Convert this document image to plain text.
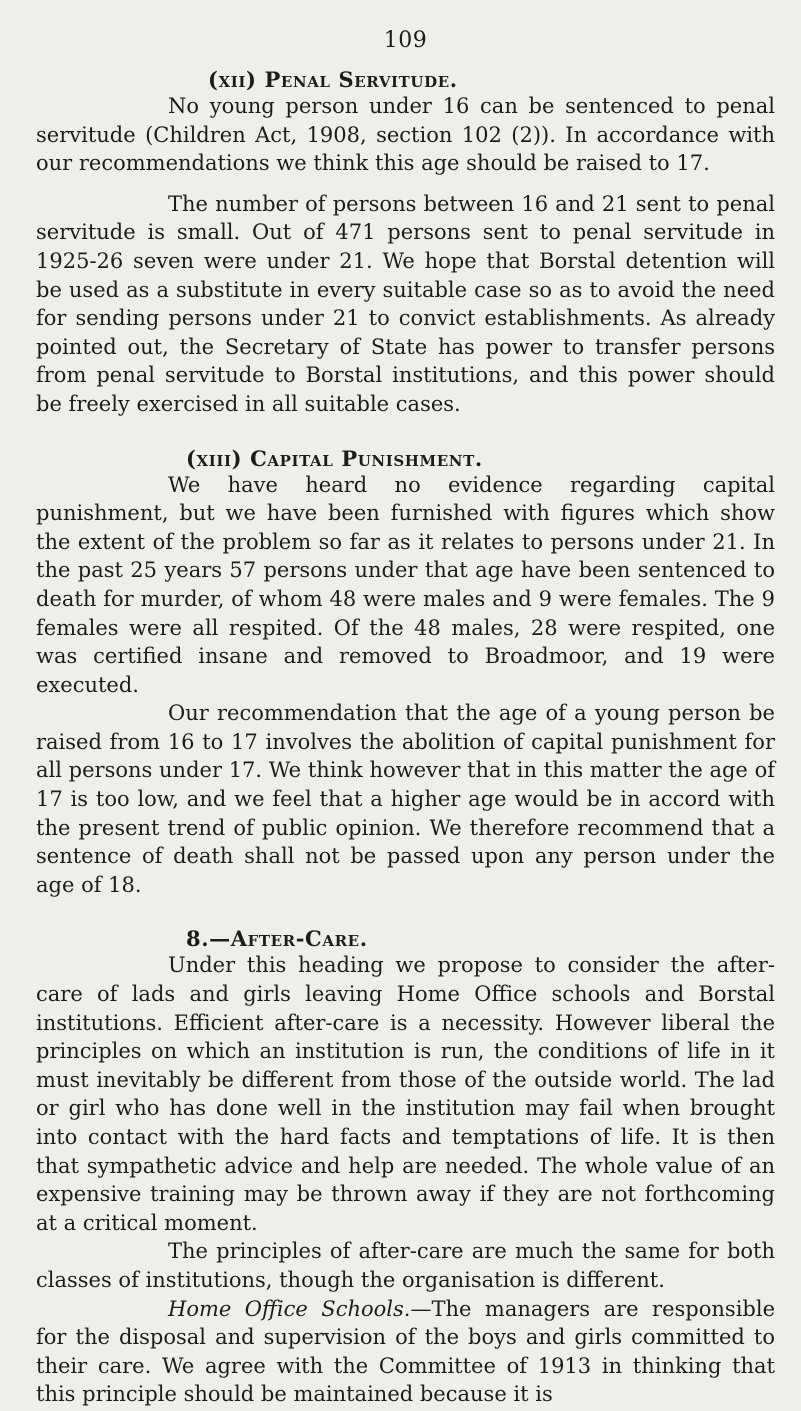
109
(xii) Penal Servitude.

No young person under 16 can be sentenced to penal servitude (Children Act, 1908, section 102 (2)). In accordance with our recommendations we think this age should be raised to 17.

The number of persons between 16 and 21 sent to penal servitude is small. Out of 471 persons sent to penal servitude in 1925-26 seven were under 21. We hope that Borstal detention will be used as a substitute in every suitable case so as to avoid the need for sending persons under 21 to convict establishments. As already pointed out, the Secretary of State has power to transfer persons from penal servitude to Borstal institutions, and this power should be freely exercised in all suitable cases.

(xiii) Capital Punishment.

We have heard no evidence regarding capital punishment, but we have been furnished with figures which show the extent of the problem so far as it relates to persons under 21. In the past 25 years 57 persons under that age have been sentenced to death for murder, of whom 48 were males and 9 were females. The 9 females were all respited. Of the 48 males, 28 were respited, one was certified insane and removed to Broadmoor, and 19 were executed.

Our recommendation that the age of a young person be raised from 16 to 17 involves the abolition of capital punishment for all persons under 17. We think however that in this matter the age of 17 is too low, and we feel that a higher age would be in accord with the present trend of public opinion. We therefore recommend that a sentence of death shall not be passed upon any person under the age of 18.

8.—After-Care.

Under this heading we propose to consider the after-care of lads and girls leaving Home Office schools and Borstal institutions. Efficient after-care is a necessity. However liberal the principles on which an institution is run, the conditions of life in it must inevitably be different from those of the outside world. The lad or girl who has done well in the institution may fail when brought into contact with the hard facts and temptations of life. It is then that sympathetic advice and help are needed. The whole value of an expensive training may be thrown away if they are not forthcoming at a critical moment.

The principles of after-care are much the same for both classes of institutions, though the organisation is different.

Home Office Schools.—The managers are responsible for the disposal and supervision of the boys and girls committed to their care. We agree with the Committee of 1913 in thinking that this principle should be maintained because it is
